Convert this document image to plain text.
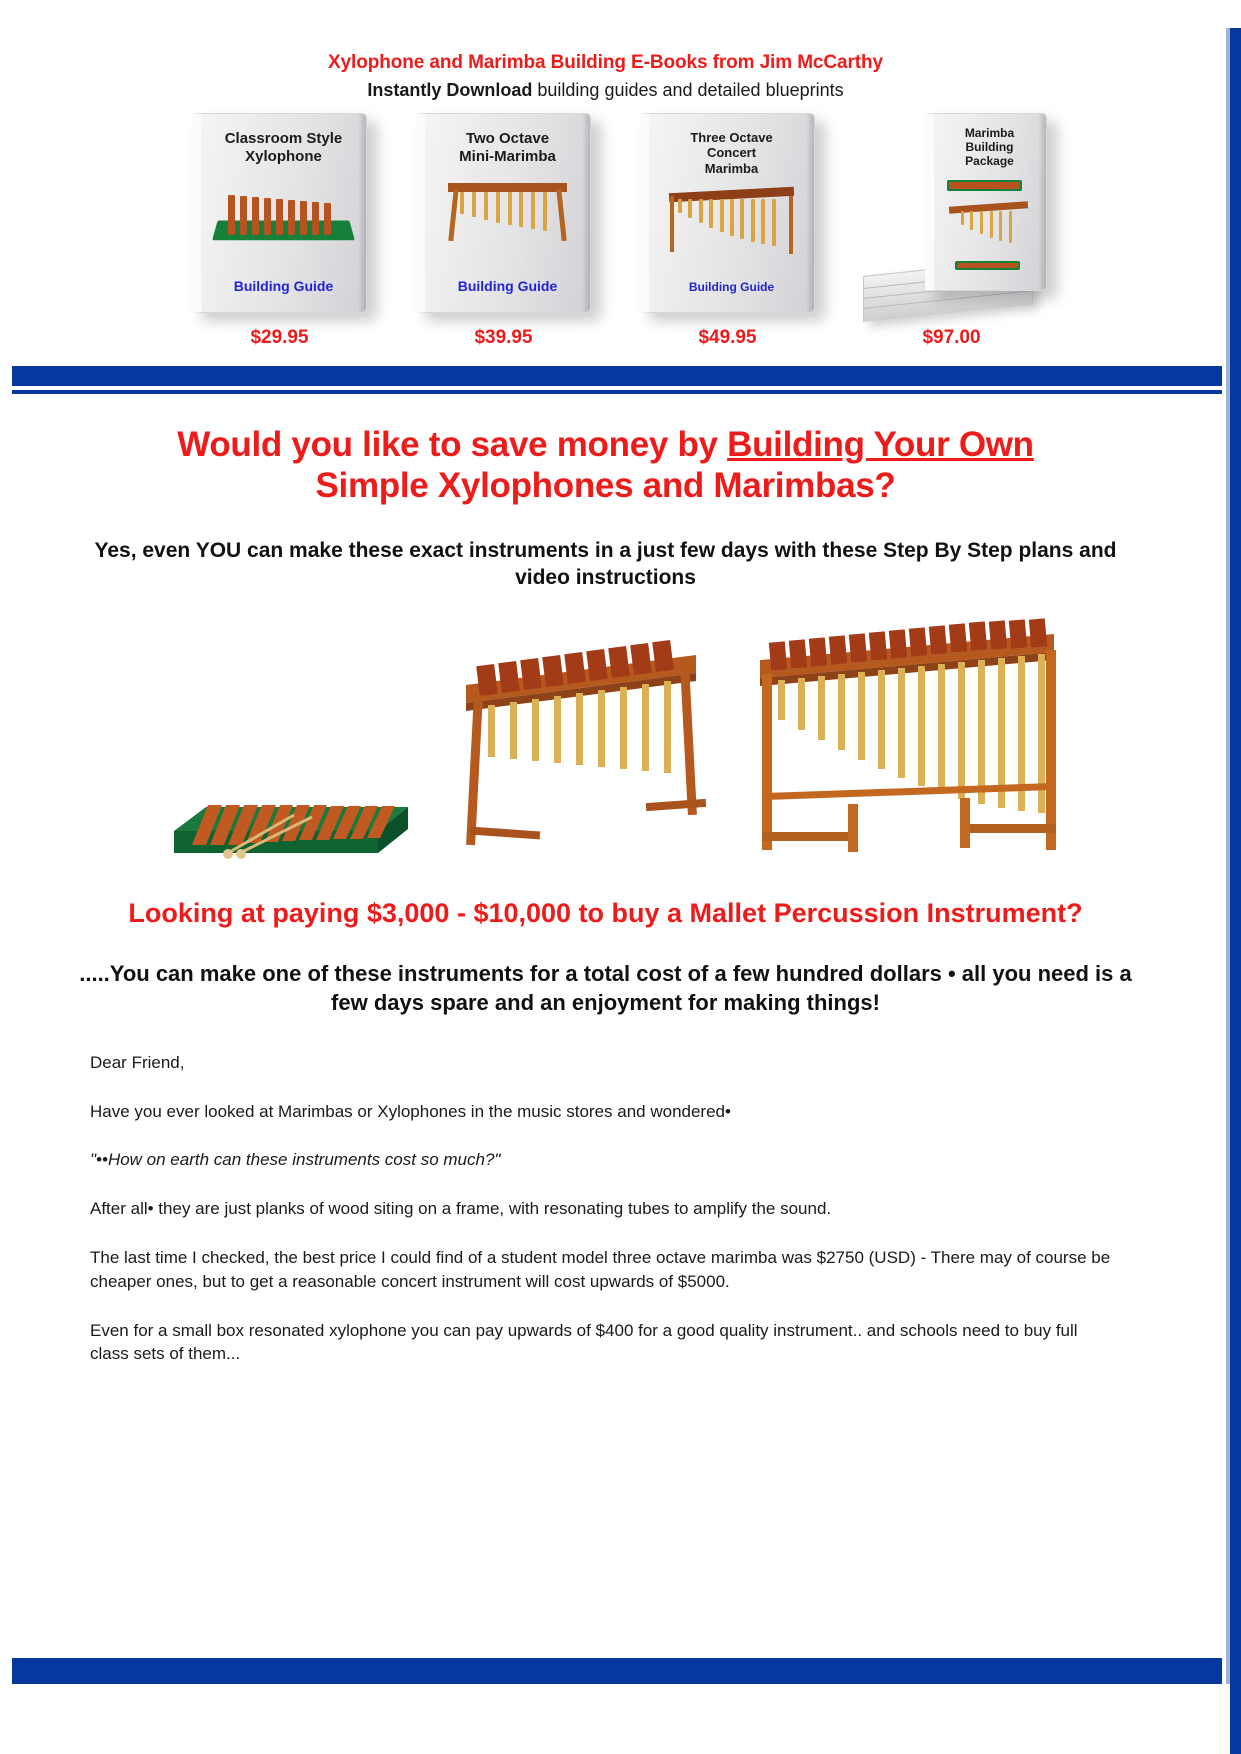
Xylophone and Marimba Building E-Books from Jim McCarthy
Instantly Download building guides and detailed blueprints
Classroom Style
Xylophone
Building Guide
$29.95
Two Octave
Mini-Marimba
Building Guide
$39.95
Three Octave
Concert
Marimba
Building Guide
$49.95
Marimba
Building
Package
$97.00
Would you like to save money by Building Your Own
Simple Xylophones and Marimbas?
Yes, even YOU can make these exact instruments in a just few days with these Step By Step plans and video instructions
Looking at paying $3,000 - $10,000 to buy a Mallet Percussion Instrument?
.....You can make one of these instruments for a total cost of a few hundred dollars • all you need is a few days spare and an enjoyment for making things!

Dear Friend,

Have you ever looked at Marimbas or Xylophones in the music stores and wondered•

"••How on earth can these instruments cost so much?"

After all• they are just planks of wood siting on a frame, with resonating tubes to amplify the sound.

The last time I checked, the best price I could find of a student model three octave marimba was $2750 (USD) - There may of course be cheaper ones, but to get a reasonable concert instrument will cost upwards of $5000.

Even for a small box resonated xylophone you can pay upwards of $400 for a good quality instrument.. and schools need to buy full class sets of them...
